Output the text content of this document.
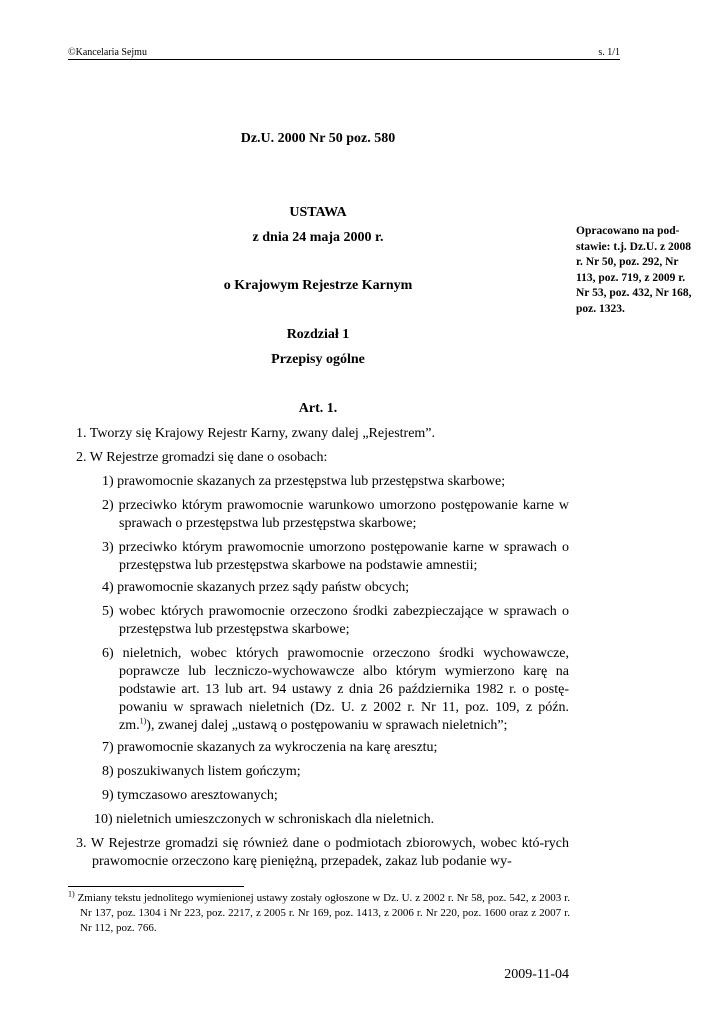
©Kancelaria Sejmu	s. 1/1
Dz.U. 2000 Nr 50 poz. 580
USTAWA
z dnia 24 maja 2000 r.
o Krajowym Rejestrze Karnym
Rozdział 1
Przepisy ogólne
Opracowano na pod-stawie: t.j. Dz.U. z 2008 r. Nr 50, poz. 292, Nr 113, poz. 719, z 2009 r. Nr 53, poz. 432, Nr 168, poz. 1323.
Art. 1.
1. Tworzy się Krajowy Rejestr Karny, zwany dalej „Rejestrem”.
2. W Rejestrze gromadzi się dane o osobach:
1) prawomocnie skazanych za przestępstwa lub przestępstwa skarbowe;
2) przeciwko którym prawomocnie warunkowo umorzono postępowanie karne w sprawach o przestępstwa lub przestępstwa skarbowe;
3) przeciwko którym prawomocnie umorzono postępowanie karne w sprawach o przestępstwa lub przestępstwa skarbowe na podstawie amnestii;
4) prawomocnie skazanych przez sądy państw obcych;
5) wobec których prawomocnie orzeczono środki zabezpieczające w sprawach o przestępstwa lub przestępstwa skarbowe;
6) nieletnich, wobec których prawomocnie orzeczono środki wychowawcze, poprawcze lub leczniczo-wychowawcze albo którym wymierzono karę na podstawie art. 13 lub art. 94 ustawy z dnia 26 października 1982 r. o postę-powaniu w sprawach nieletnich (Dz. U. z 2002 r. Nr 11, poz. 109, z późn. zm.$^{1)}$), zwanej dalej „ustawą o postępowaniu w sprawach nieletnich”;
7) prawomocnie skazanych za wykroczenia na karę aresztu;
8) poszukiwanych listem gończym;
9) tymczasowo aresztowanych;
10) nieletnich umieszczonych w schroniskach dla nieletnich.
3. W Rejestrze gromadzi się również dane o podmiotach zbiorowych, wobec któ-rych prawomocnie orzeczono karę pieniężną, przepadek, zakaz lub podanie wy-
$^{1)}$ Zmiany tekstu jednolitego wymienionej ustawy zostały ogłoszone w Dz. U. z 2002 r. Nr 58, poz. 542, z 2003 r. Nr 137, poz. 1304 i Nr 223, poz. 2217, z 2005 r. Nr 169, poz. 1413, z 2006 r. Nr 220, poz. 1600 oraz z 2007 r. Nr 112, poz. 766.
2009-11-04
